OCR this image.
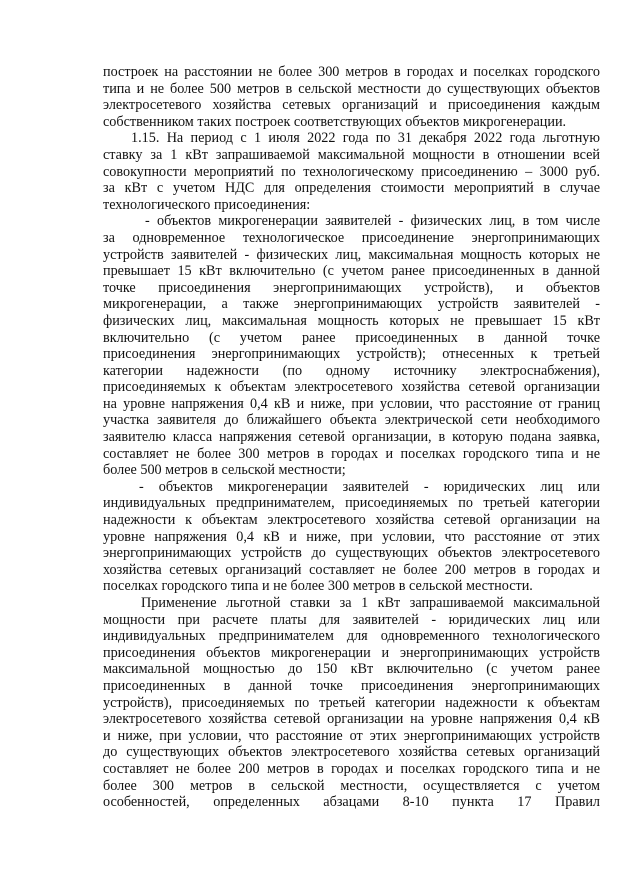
построек на расстоянии не более 300 метров в городах и поселках городского
типа и не более 500 метров в сельской местности до существующих объектов
электросетевого хозяйства сетевых организаций и присоединения каждым
собственником таких построек соответствующих объектов микрогенерации.
1.15. На период с 1 июля 2022 года по 31 декабря 2022 года льготную
ставку за 1 кВт запрашиваемой максимальной мощности в отношении всей
совокупности мероприятий по технологическому присоединению – 3000 руб.
за кВт с учетом НДС для определения стоимости мероприятий в случае
технологического присоединения:
- объектов микрогенерации заявителей - физических лиц, в том числе
за одновременное технологическое присоединение энергопринимающих
устройств заявителей - физических лиц, максимальная мощность которых не
превышает 15 кВт включительно (с учетом ранее присоединенных в данной
точке присоединения энергопринимающих устройств), и объектов
микрогенерации, а также энергопринимающих устройств заявителей -
физических лиц, максимальная мощность которых не превышает 15 кВт
включительно (с учетом ранее присоединенных в данной точке
присоединения энергопринимающих устройств); отнесенных к третьей
категории надежности (по одному источнику электроснабжения),
присоединяемых к объектам электросетевого хозяйства сетевой организации
на уровне напряжения 0,4 кВ и ниже, при условии, что расстояние от границ
участка заявителя до ближайшего объекта электрической сети необходимого
заявителю класса напряжения сетевой организации, в которую подана заявка,
составляет не более 300 метров в городах и поселках городского типа и не
более 500 метров в сельской местности;
- объектов микрогенерации заявителей - юридических лиц или
индивидуальных предпринимателем, присоединяемых по третьей категории
надежности к объектам электросетевого хозяйства сетевой организации на
уровне напряжения 0,4 кВ и ниже, при условии, что расстояние от этих
энергопринимающих устройств до существующих объектов электросетевого
хозяйства сетевых организаций составляет не более 200 метров в городах и
поселках городского типа и не более 300 метров в сельской местности.
Применение льготной ставки за 1 кВт запрашиваемой максимальной
мощности при расчете платы для заявителей - юридических лиц или
индивидуальных предпринимателем для одновременного технологического
присоединения объектов микрогенерации и энергопринимающих устройств
максимальной мощностью до 150 кВт включительно (с учетом ранее
присоединенных в данной точке присоединения энергопринимающих
устройств), присоединяемых по третьей категории надежности к объектам
электросетевого хозяйства сетевой организации на уровне напряжения 0,4 кВ
и ниже, при условии, что расстояние от этих энергопринимающих устройств
до существующих объектов электросетевого хозяйства сетевых организаций
составляет не более 200 метров в городах и поселках городского типа и не
более 300 метров в сельской местности, осуществляется с учетом
особенностей, определенных абзацами 8-10 пункта 17 Правил
